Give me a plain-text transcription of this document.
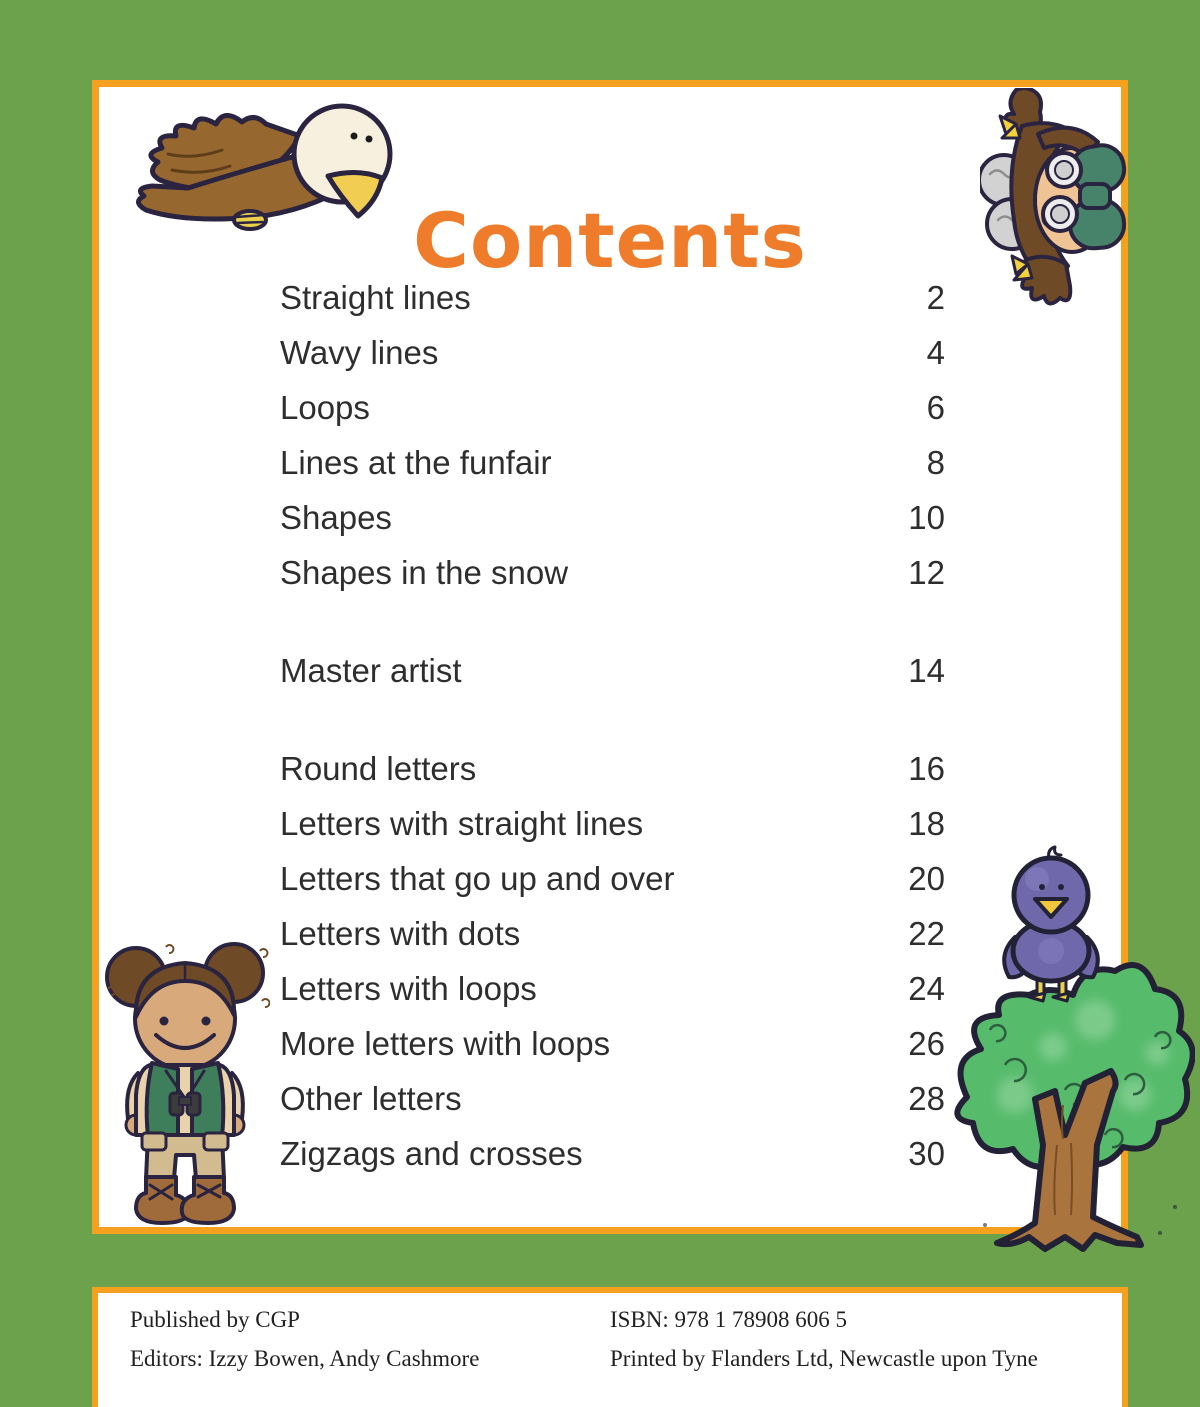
Contents
Straight lines	2
Wavy lines	4
Loops	6
Lines at the funfair	8
Shapes	10
Shapes in the snow	12
Master artist	14
Round letters	16
Letters with straight lines	18
Letters that go up and over	20
Letters with dots	22
Letters with loops	24
More letters with loops	26
Other letters	28
Zigzags and crosses	30
Published by CGP
Editors: Izzy Bowen, Andy Cashmore
ISBN: 978 1 78908 606 5
Printed by Flanders Ltd, Newcastle upon Tyne
